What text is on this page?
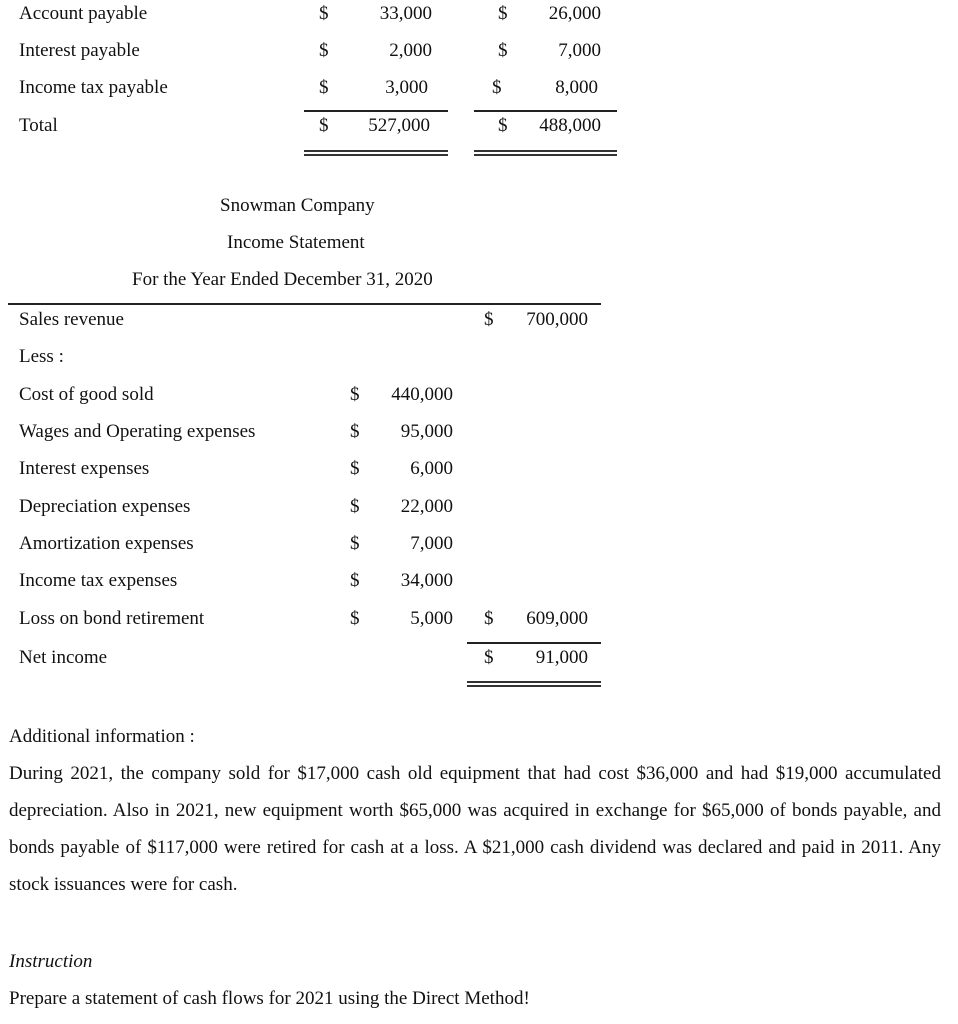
Account payable	$	33,000	$	26,000
Interest payable	$	2,000	$	7,000
Income tax payable	$	3,000	$	8,000
Total	$	527,000	$	488,000
Snowman Company
Income Statement
For the Year Ended December 31, 2020
Sales revenue	$	700,000
Less :
Cost of good sold	$	440,000
Wages and Operating expenses	$	95,000
Interest expenses	$	6,000
Depreciation expenses	$	22,000
Amortization expenses	$	7,000
Income tax expenses	$	34,000
Loss on bond retirement	$	5,000 $	609,000
Net income	$	91,000
Additional information :
During 2021, the company sold for $17,000 cash old equipment that had cost $36,000 and had $19,000 accumulated depreciation. Also in 2021, new equipment worth $65,000 was acquired in exchange for $65,000 of bonds payable, and bonds payable of $117,000 were retired for cash at a loss. A $21,000 cash dividend was declared and paid in 2011. Any stock issuances were for cash.
Instruction
Prepare a statement of cash flows for 2021 using the Direct Method!
